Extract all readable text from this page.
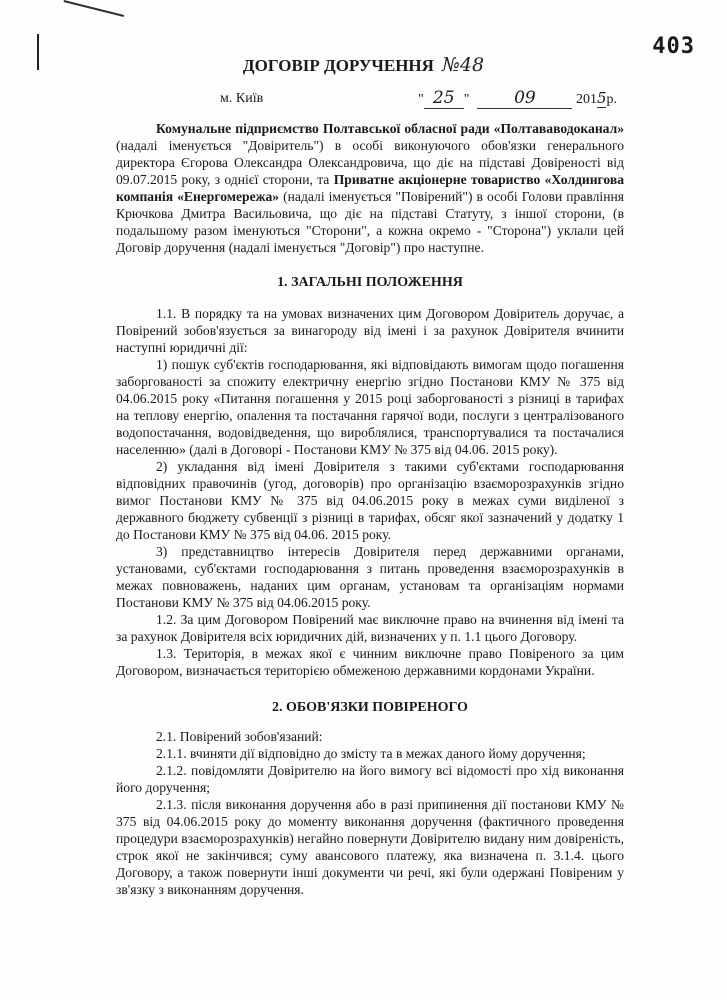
403
ДОГОВІР ДОРУЧЕННЯ №48
м. Київ	" 25 "	09	2015р.

Комунальне підприємство Полтавської обласної ради «Полтававодоканал» (надалі іменується "Довіритель") в особі виконуючого обов'язки генерального директора Єгорова Олександра Олександровича, що діє на підставі Довіреності від 09.07.2015 року, з однієї сторони, та Приватне акціонерне товариство «Холдингова компанія «Енергомережа» (надалі іменується "Повірений") в особі Голови правління Крючкова Дмитра Васильовича, що діє на підставі Статуту, з іншої сторони, (в подальшому разом іменуються "Сторони", а кожна окремо - "Сторона") уклали цей Договір доручення (надалі іменується "Договір") про наступне.

1. ЗАГАЛЬНІ ПОЛОЖЕННЯ

1.1. В порядку та на умовах визначених цим Договором Довіритель доручає, а Повірений зобов'язується за винагороду від імені і за рахунок Довірителя вчинити наступні юридичні дії:

1) пошук суб'єктів господарювання, які відповідають вимогам щодо погашення заборгованості за спожиту електричну енергію згідно Постанови КМУ № 375 від 04.06.2015 року «Питання погашення у 2015 році заборгованості з різниці в тарифах на теплову енергію, опалення та постачання гарячої води, послуги з централізованого водопостачання, водовідведення, що вироблялися, транспортувалися та постачалися населенню» (далі в Договорі - Постанови КМУ № 375 від 04.06. 2015 року).

2) укладання від імені Довірителя з такими суб'єктами господарювання відповідних правочинів (угод, договорів) про організацію взаєморозрахунків згідно вимог Постанови КМУ № 375 від 04.06.2015 року в межах суми виділеної з державного бюджету субвенції з різниці в тарифах, обсяг якої зазначений у додатку 1 до Постанови КМУ № 375 від 04.06. 2015 року.

3) представництво інтересів Довірителя перед державними органами, установами, суб'єктами господарювання з питань проведення взаєморозрахунків в межах повноважень, наданих цим органам, установам та організаціям нормами Постанови КМУ № 375 від 04.06.2015 року.

1.2. За цим Договором Повірений має виключне право на вчинення від імені та за рахунок Довірителя всіх юридичних дій, визначених у п. 1.1 цього Договору.

1.3. Територія, в межах якої є чинним виключне право Повіреного за цим Договором, визначається територією обмеженою державними кордонами України.

2. ОБОВ'ЯЗКИ ПОВІРЕНОГО

2.1. Повірений зобов'язаний:

2.1.1. вчиняти дії відповідно до змісту та в межах даного йому доручення;

2.1.2. повідомляти Довірителю на його вимогу всі відомості про хід виконання його доручення;

2.1.3. після виконання доручення або в разі припинення дії постанови КМУ № 375 від 04.06.2015 року до моменту виконання доручення (фактичного проведення процедури взаєморозрахунків) негайно повернути Довірителю видану ним довіреність, строк якої не закінчився; суму авансового платежу, яка визначена п. 3.1.4. цього Договору, а також повернути інші документи чи речі, які були одержані Повіреним у зв'язку з виконанням доручення.
